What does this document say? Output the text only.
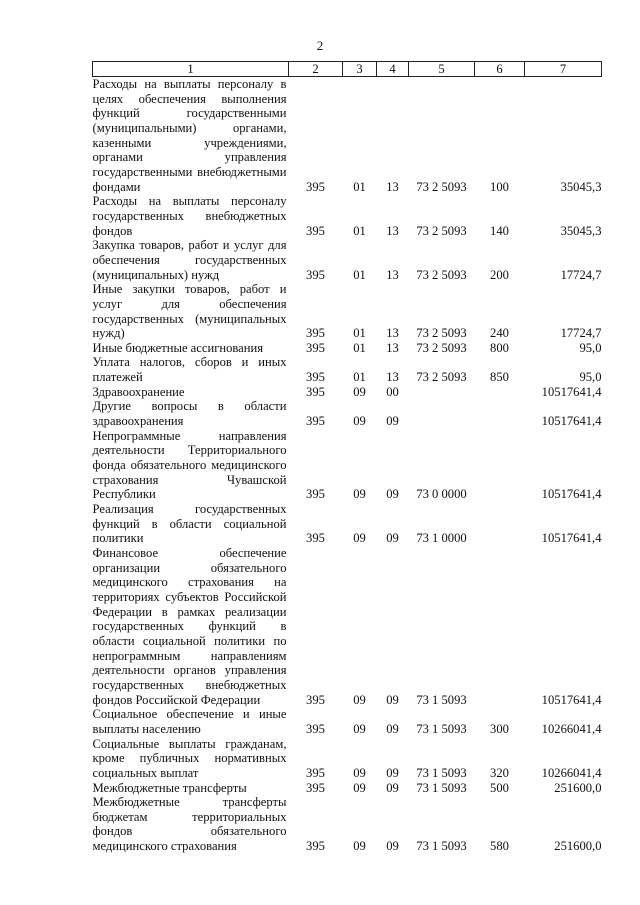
2
1	2	3	4	5	6	7
Расходы на выплаты персоналу в целях обеспечения выполнения функций государственными (муниципальными) органами, казенными учреждениями, органами управления государственными внебюджетными фондами	395	01	13	73 2 5093	100	35045,3
Расходы на выплаты персоналу государственных внебюджетных фондов	395	01	13	73 2 5093	140	35045,3
Закупка товаров, работ и услуг для обеспечения государственных (муниципальных) нужд	395	01	13	73 2 5093	200	17724,7
Иные закупки товаров, работ и услуг для обеспечения государственных (муниципальных нужд)	395	01	13	73 2 5093	240	17724,7
Иные бюджетные ассигнования	395	01	13	73 2 5093	800	95,0
Уплата налогов, сборов и иных платежей	395	01	13	73 2 5093	850	95,0
Здравоохранение	395	09	00			10517641,4
Другие вопросы в области здравоохранения	395	09	09			10517641,4
Непрограммные направления деятельности Территориального фонда обязательного медицинского страхования Чувашской Республики	395	09	09	73 0 0000		10517641,4
Реализация государственных функций в области социальной политики	395	09	09	73 1 0000		10517641,4
Финансовое обеспечение организации обязательного медицинского страхования на территориях субъектов Российской Федерации в рамках реализации государственных функций в области социальной политики по непрограммным направлениям деятельности органов управления государственных внебюджетных фондов Российской Федерации	395	09	09	73 1 5093		10517641,4
Социальное обеспечение и иные выплаты населению	395	09	09	73 1 5093	300	10266041,4
Социальные выплаты гражданам, кроме публичных нормативных социальных выплат	395	09	09	73 1 5093	320	10266041,4
Межбюджетные трансферты	395	09	09	73 1 5093	500	251600,0
Межбюджетные трансферты бюджетам территориальных фондов обязательного медицинского страхования	395	09	09	73 1 5093	580	251600,0
